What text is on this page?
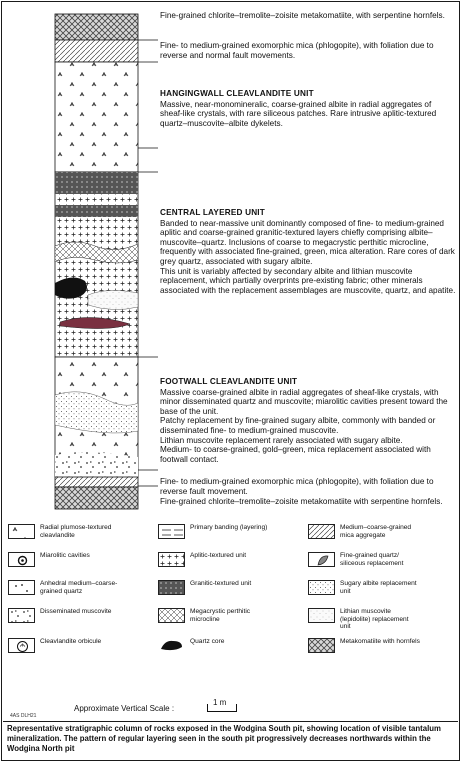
Fine-grained chlorite–tremolite–zoisite metakomatiite, with serpentine hornfels.

Fine- to medium-grained exomorphic mica (phlogopite), with foliation due to reverse and normal fault movements.

HANGINGWALL CLEAVLANDITE UNIT

Massive, near-monomineralic, coarse-grained albite in radial aggregates of sheaf-like crystals, with rare siliceous patches. Rare intrusive aplitic-textured quartz–muscovite–albite dykelets.

CENTRAL LAYERED UNIT

Banded to near-massive unit dominantly composed of fine- to medium-grained aplitic and coarse-grained granitic-textured layers chiefly comprising albite–muscovite–quartz. Inclusions of coarse to megacrystic perthitic microcline, frequently with associated fine-grained, green, mica alteration. Rare cores of dark grey quartz, associated with sugary albite.

This unit is variably affected by secondary albite and lithian muscovite replacement, which partially overprints pre-existing fabric; other minerals associated with the replacement assemblages are muscovite, quartz, and apatite.

FOOTWALL CLEAVLANDITE UNIT

Massive coarse-grained albite in radial aggregates of sheaf-like crystals, with minor disseminated quartz and muscovite; miarolitic cavities present toward the base of the unit.

Patchy replacement by fine-grained sugary albite, commonly with banded or disseminated fine- to medium-grained muscovite.

Lithian muscovite replacement rarely associated with sugary albite.

Medium- to coarse-grained, gold–green, mica replacement associated with footwall contact.

Fine- to medium-grained exomorphic mica (phlogopite), with foliation due to reverse fault movement.

Fine-grained chlorite–tremolite–zoisite metakomatiite with serpentine hornfels.

Radial plumose-textured cleavlandite
Primary banding (layering)	Medium–coarse-grained mica aggregate
Miarolitic cavities	Aplitic-textured unit	Fine-grained quartz/ siliceous replacement
Anhedral medium–coarse-grained quartz
Granitic-textured unit	Sugary albite replacement unit
Disseminated muscovite	Megacrystic perthitic microcline
Lithian muscovite (lepidolite) replacement unit
Cleavlandite orbicule	Quartz core	Metakomatiite with hornfels
Approximate Vertical Scale :
1 m
4AS DLH21
Representative stratigraphic column of rocks exposed in the Wodgina South pit, showing location of visible tantalum mineralization. The pattern of regular layering seen in the south pit progressively decreases northwards within the Wodgina North pit
